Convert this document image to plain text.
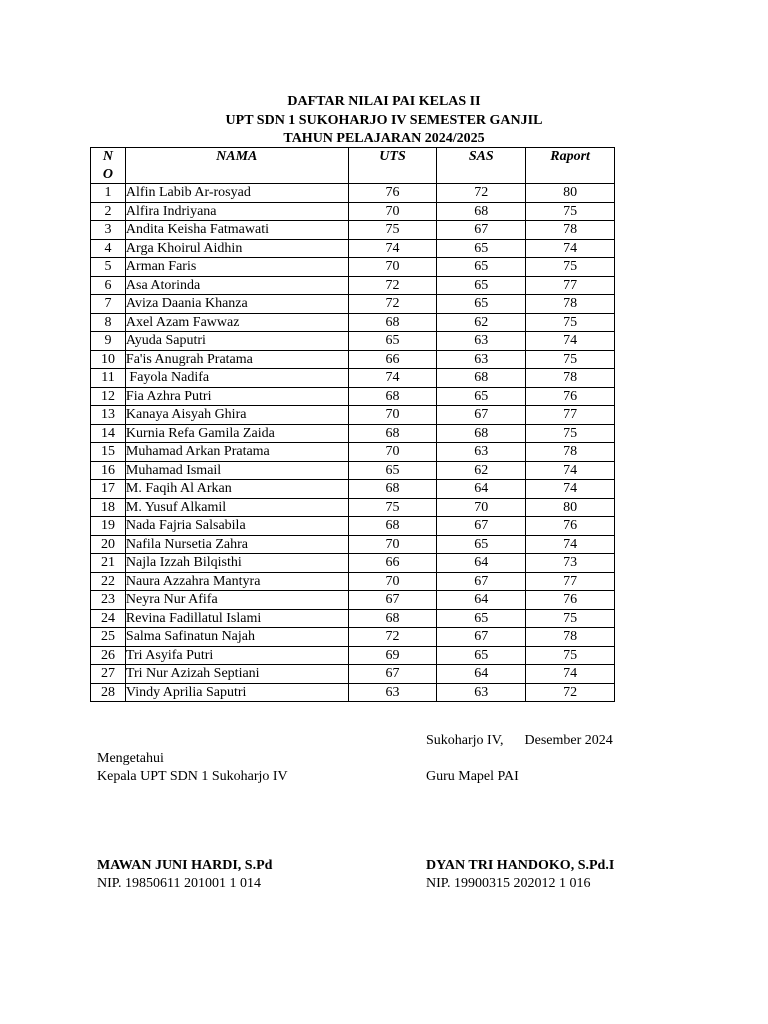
DAFTAR NILAI PAI KELAS II
UPT SDN 1 SUKOHARJO IV SEMESTER GANJIL
TAHUN PELAJARAN 2024/2025
N
O	NAMA	UTS	SAS	Raport
1	Alfin Labib Ar-rosyad	76	72	80
2	Alfira Indriyana	70	68	75
3	Andita Keisha Fatmawati	75	67	78
4	Arga Khoirul Aidhin	74	65	74
5	Arman Faris	70	65	75
6	Asa Atorinda	72	65	77
7	Aviza Daania Khanza	72	65	78
8	Axel Azam Fawwaz	68	62	75
9	Ayuda Saputri	65	63	74
10	Fa'is Anugrah Pratama	66	63	75
11	Fayola Nadifa	74	68	78
12	Fia Azhra Putri	68	65	76
13	Kanaya Aisyah Ghira	70	67	77
14	Kurnia Refa Gamila Zaida	68	68	75
15	Muhamad Arkan Pratama	70	63	78
16	Muhamad Ismail	65	62	74
17	M. Faqih Al Arkan	68	64	74
18	M. Yusuf Alkamil	75	70	80
19	Nada Fajria Salsabila	68	67	76
20	Nafila Nursetia Zahra	70	65	74
21	Najla Izzah Bilqisthi	66	64	73
22	Naura Azzahra Mantyra	70	67	77
23	Neyra Nur Afifa	67	64	76
24	Revina Fadillatul Islami	68	65	75
25	Salma Safinatun Najah	72	67	78
26	Tri Asyifa Putri	69	65	75
27	Tri Nur Azizah Septiani	67	64	74
28	Vindy Aprilia Saputri	63	63	72
Sukoharjo IV,      Desember 2024
Mengetahui
Kepala UPT SDN 1 Sukoharjo IV	Guru Mapel PAI
MAWAN JUNI HARDI, S.Pd
NIP. 19850611 201001 1 014
DYAN TRI HANDOKO, S.Pd.I
NIP. 19900315 202012 1 016
